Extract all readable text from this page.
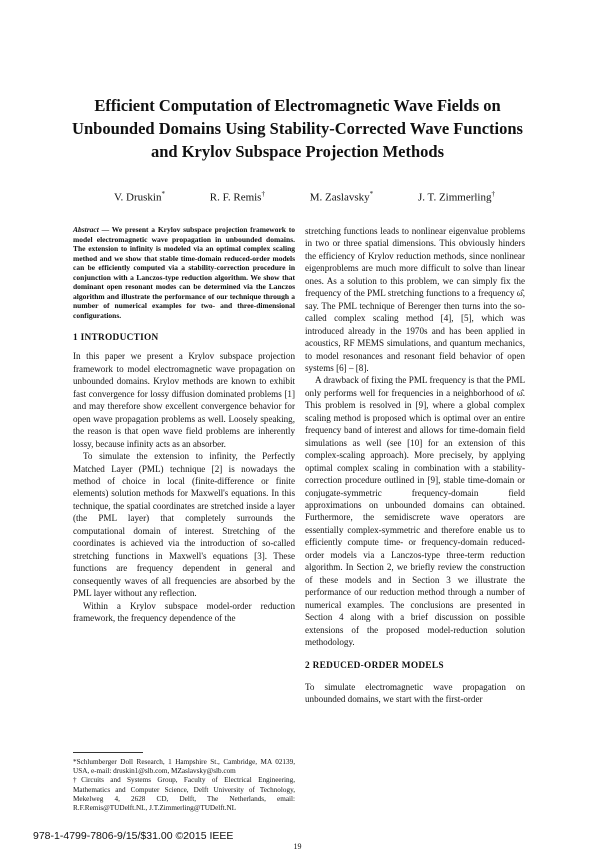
Efficient Computation of Electromagnetic Wave Fields on Unbounded Domains Using Stability-Corrected Wave Functions and Krylov Subspace Projection Methods
V. Druskin*	R. F. Remis†	M. Zaslavsky*	J. T. Zimmerling†

Abstract — We present a Krylov subspace projection framework to model electromagnetic wave propagation in unbounded domains. The extension to infinity is modeled via an optimal complex scaling method and we show that stable time-domain reduced-order models can be efficiently computed via a stability-correction procedure in conjunction with a Lanczos-type reduction algorithm. We show that dominant open resonant modes can be determined via the Lanczos algorithm and illustrate the performance of our technique through a number of numerical examples for two- and three-dimensional configurations.

1 INTRODUCTION

In this paper we present a Krylov subspace projection framework to model electromagnetic wave propagation on unbounded domains. Krylov methods are known to exhibit fast convergence for lossy diffusion dominated problems [1] and may therefore show excellent convergence behavior for open wave propagation problems as well. Loosely speaking, the reason is that open wave field problems are inherently lossy, because infinity acts as an absorber.

To simulate the extension to infinity, the Perfectly Matched Layer (PML) technique [2] is nowadays the method of choice in local (finite-difference or finite elements) solution methods for Maxwell's equations. In this technique, the spatial coordinates are stretched inside a layer (the PML layer) that completely surrounds the computational domain of interest. Stretching of the coordinates is achieved via the introduction of so-called stretching functions in Maxwell's equations [3]. These functions are frequency dependent in general and consequently waves of all frequencies are absorbed by the PML layer without any reflection.

Within a Krylov subspace model-order reduction framework, the frequency dependence of the

stretching functions leads to nonlinear eigenvalue problems in two or three spatial dimensions. This obviously hinders the efficiency of Krylov reduction methods, since nonlinear eigenproblems are much more difficult to solve than linear ones. As a solution to this problem, we can simply fix the frequency of the PML stretching functions to a frequency ω̂, say. The PML technique of Berenger then turns into the so-called complex scaling method [4], [5], which was introduced already in the 1970s and has been applied in acoustics, RF MEMS simulations, and quantum mechanics, to model resonances and resonant field behavior of open systems [6] – [8].

A drawback of fixing the PML frequency is that the PML only performs well for frequencies in a neighborhood of ω̂. This problem is resolved in [9], where a global complex scaling method is proposed which is optimal over an entire frequency band of interest and allows for time-domain field simulations as well (see [10] for an extension of this complex-scaling approach). More precisely, by applying optimal complex scaling in combination with a stability-correction procedure outlined in [9], stable time-domain or conjugate-symmetric frequency-domain field approximations on unbounded domains can obtained. Furthermore, the semidiscrete wave operators are essentially complex-symmetric and therefore enable us to efficiently compute time- or frequency-domain reduced-order models via a Lanczos-type three-term reduction algorithm. In Section 2, we briefly review the construction of these models and in Section 3 we illustrate the performance of our reduction method through a number of numerical examples. The conclusions are presented in Section 4 along with a brief discussion on possible extensions of the proposed model-reduction solution methodology.

2 REDUCED-ORDER MODELS

To simulate electromagnetic wave propagation on unbounded domains, we start with the first-order

*Schlumberger Doll Research, 1 Hampshire St., Cambridge, MA 02139, USA, e-mail: druskin1@slb.com, MZaslavsky@slb.com

†Circuits and Systems Group, Faculty of Electrical Engineering, Mathematics and Computer Science, Delft University of Technology, Mekelweg 4, 2628 CD, Delft, The Netherlands, email: R.F.Remis@TUDelft.NL, J.T.Zimmerling@TUDelft.NL

978-1-4799-7806-9/15/$31.00 ©2015 IEEE
19
